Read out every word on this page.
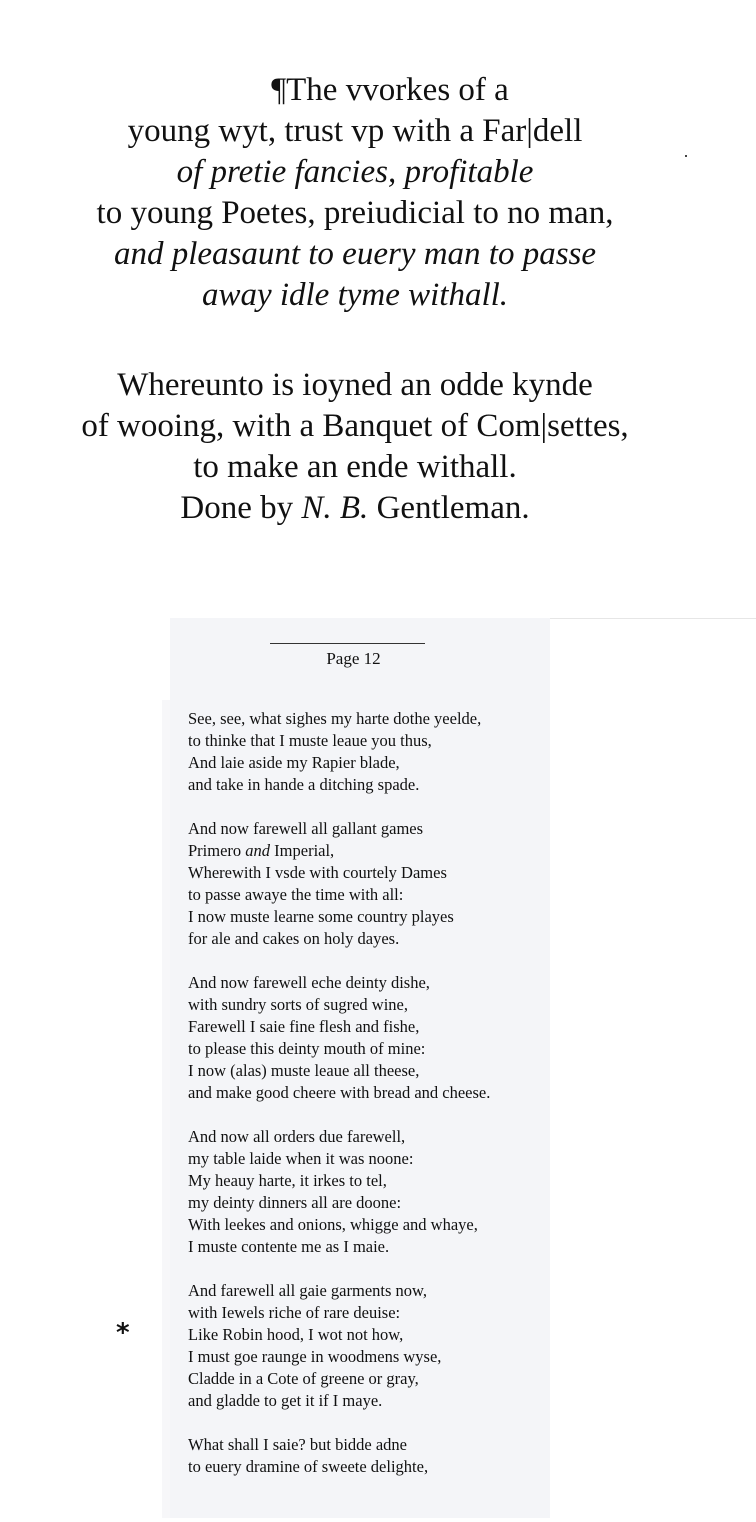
¶The vvorkes of a
young wyt, trust vp with a Far|dell
of pretie fancies, profitable
to young Poetes, preiudicial to no man,
and pleasaunt to euery man to passe
away idle tyme withall.
Whereunto is ioyned an odde kynde
of wooing, with a Banquet of Com|settes,
to make an ende withall.
Done by N. B. Gentleman.
Page 12
See, see, what sighes my harte dothe yeelde,
to thinke that I muste leaue you thus,
And laie aside my Rapier blade,
and take in hande a ditching spade.
And now farewell all gallant games
Primero and Imperial,
Wherewith I vsde with courtely Dames
to passe awaye the time with all:
I now muste learne some country playes
for ale and cakes on holy dayes.
And now farewell eche deinty dishe,
with sundry sorts of sugred wine,
Farewell I saie fine flesh and fishe,
to please this deinty mouth of mine:
I now (alas) muste leaue all theese,
and make good cheere with bread and cheese.
And now all orders due farewell,
my table laide when it was noone:
My heauy harte, it irkes to tel,
my deinty dinners all are doone:
With leekes and onions, whigge and whaye,
I muste contente me as I maie.
And farewell all gaie garments now,
with Iewels riche of rare deuise:
Like Robin hood, I wot not how,
I must goe raunge in woodmens wyse,
Cladde in a Cote of greene or gray,
and gladde to get it if I maye.
What shall I saie? but bidde adne
to euery dramine of sweete delighte,
*
